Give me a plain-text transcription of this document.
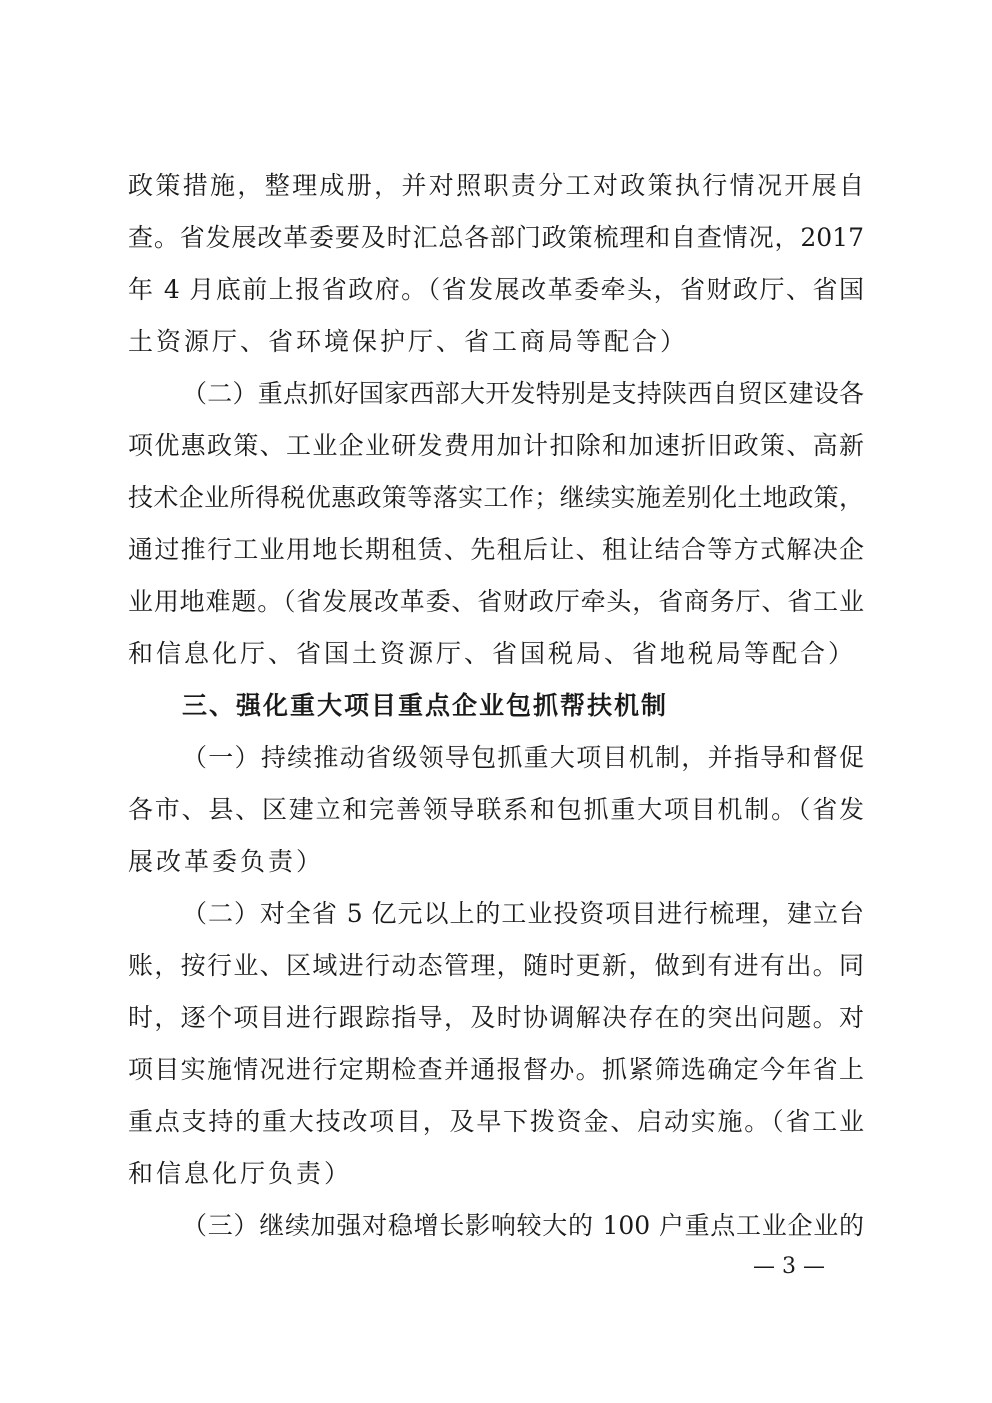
政策措施，整理成册，并对照职责分工对政策执行情况开展自
查。省发展改革委要及时汇总各部门政策梳理和自查情况，2017
年 4 月底前上报省政府。（省发展改革委牵头，省财政厅、省国
土资源厅、省环境保护厅、省工商局等配合）
（二）重点抓好国家西部大开发特别是支持陕西自贸区建设各
项优惠政策、工业企业研发费用加计扣除和加速折旧政策、高新
技术企业所得税优惠政策等落实工作；继续实施差别化土地政策，
通过推行工业用地长期租赁、先租后让、租让结合等方式解决企
业用地难题。（省发展改革委、省财政厅牵头，省商务厅、省工业
和信息化厅、省国土资源厅、省国税局、省地税局等配合）
三、强化重大项目重点企业包抓帮扶机制
（一）持续推动省级领导包抓重大项目机制，并指导和督促
各市、县、区建立和完善领导联系和包抓重大项目机制。（省发
展改革委负责）
（二）对全省 5 亿元以上的工业投资项目进行梳理，建立台
账，按行业、区域进行动态管理，随时更新，做到有进有出。同
时，逐个项目进行跟踪指导，及时协调解决存在的突出问题。对
项目实施情况进行定期检查并通报督办。抓紧筛选确定今年省上
重点支持的重大技改项目，及早下拨资金、启动实施。（省工业
和信息化厅负责）
（三）继续加强对稳增长影响较大的 100 户重点工业企业的
— 3 —
